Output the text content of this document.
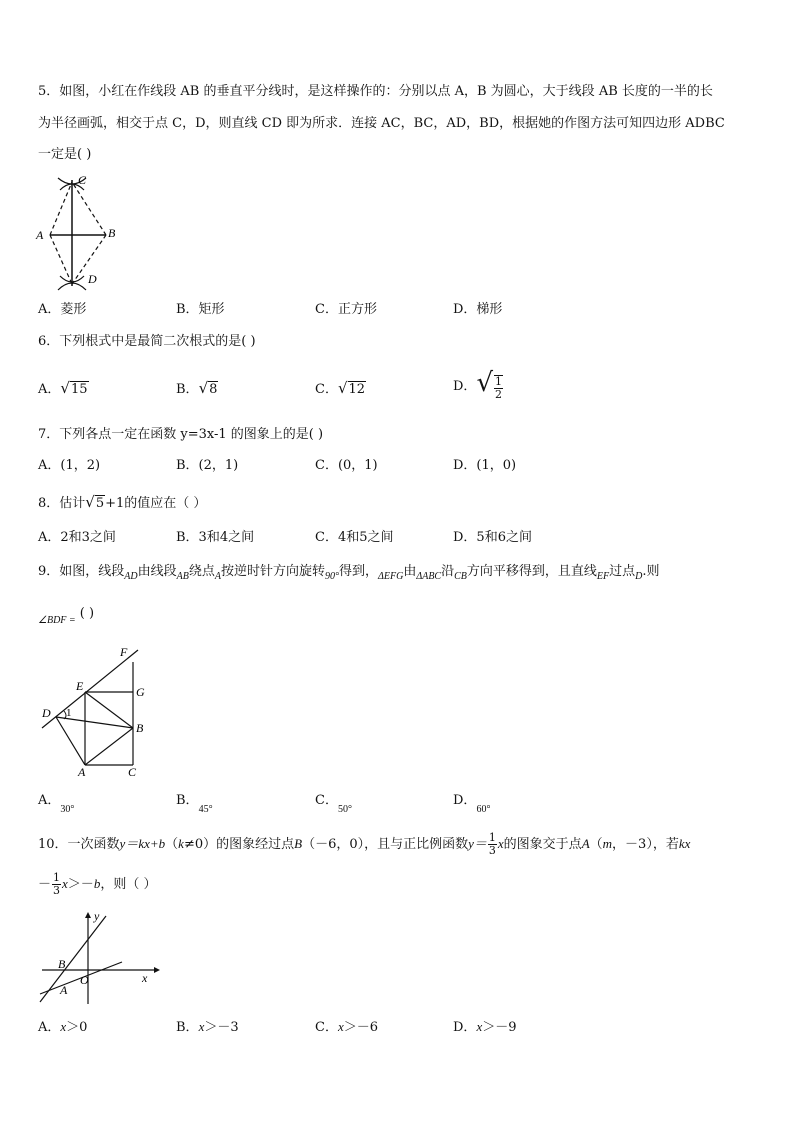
5．如图，小红在作线段 AB 的垂直平分线时，是这样操作的：分别以点 A，B 为圆心，大于线段 AB 长度的一半的长
为半径画弧，相交于点 C，D，则直线 CD 即为所求．连接 AC，BC，AD，BD，根据她的作图方法可知四边形 ADBC
一定是( )
C
A	B
D
A．菱形	B．矩形	C．正方形	D．梯形
6．下列根式中是最简二次根式的是( )
A．√15	B．√8	C．√12	D．√ $\frac{1}{2}$
7．下列各点一定在函数 y=3x-1 的图象上的是( )
A．(1，2)	B．(2，1)	C．(0，1)	D．(1，0)
8．估计√5+1的值应在（ ）
A．2和3之间	B．3和4之间	C．4和5之间	D．5和6之间
9．如图，线段$_{AD}$由线段$_{AB}$绕点$_A$按逆时针方向旋转$_{90^\circ}$得到，$_{\Delta EFG}$由$_{\Delta ABC}$沿$_{CB}$方向平移得到，且直线$_{EF}$过点$_D$.则
$_{\angle BDF =}$ ( )
F
E	G
D 1
B
A	C
A．$_{30^\circ}$
B．$_{45^\circ}$
C．$_{50^\circ}$
D．$_{60^\circ}$
10．一次函数y＝kx+b（k≠0）的图象经过点B（－6，0），且与正比例函数$y= \frac{1}{3}$ x的图象交于点A（m，－3），若kx
－ $\frac{1}{3} x>-b$，则（ ）
y
x
B
O
A
A．x＞0	B．x＞－3	C．x＞－6	D．x＞－9
